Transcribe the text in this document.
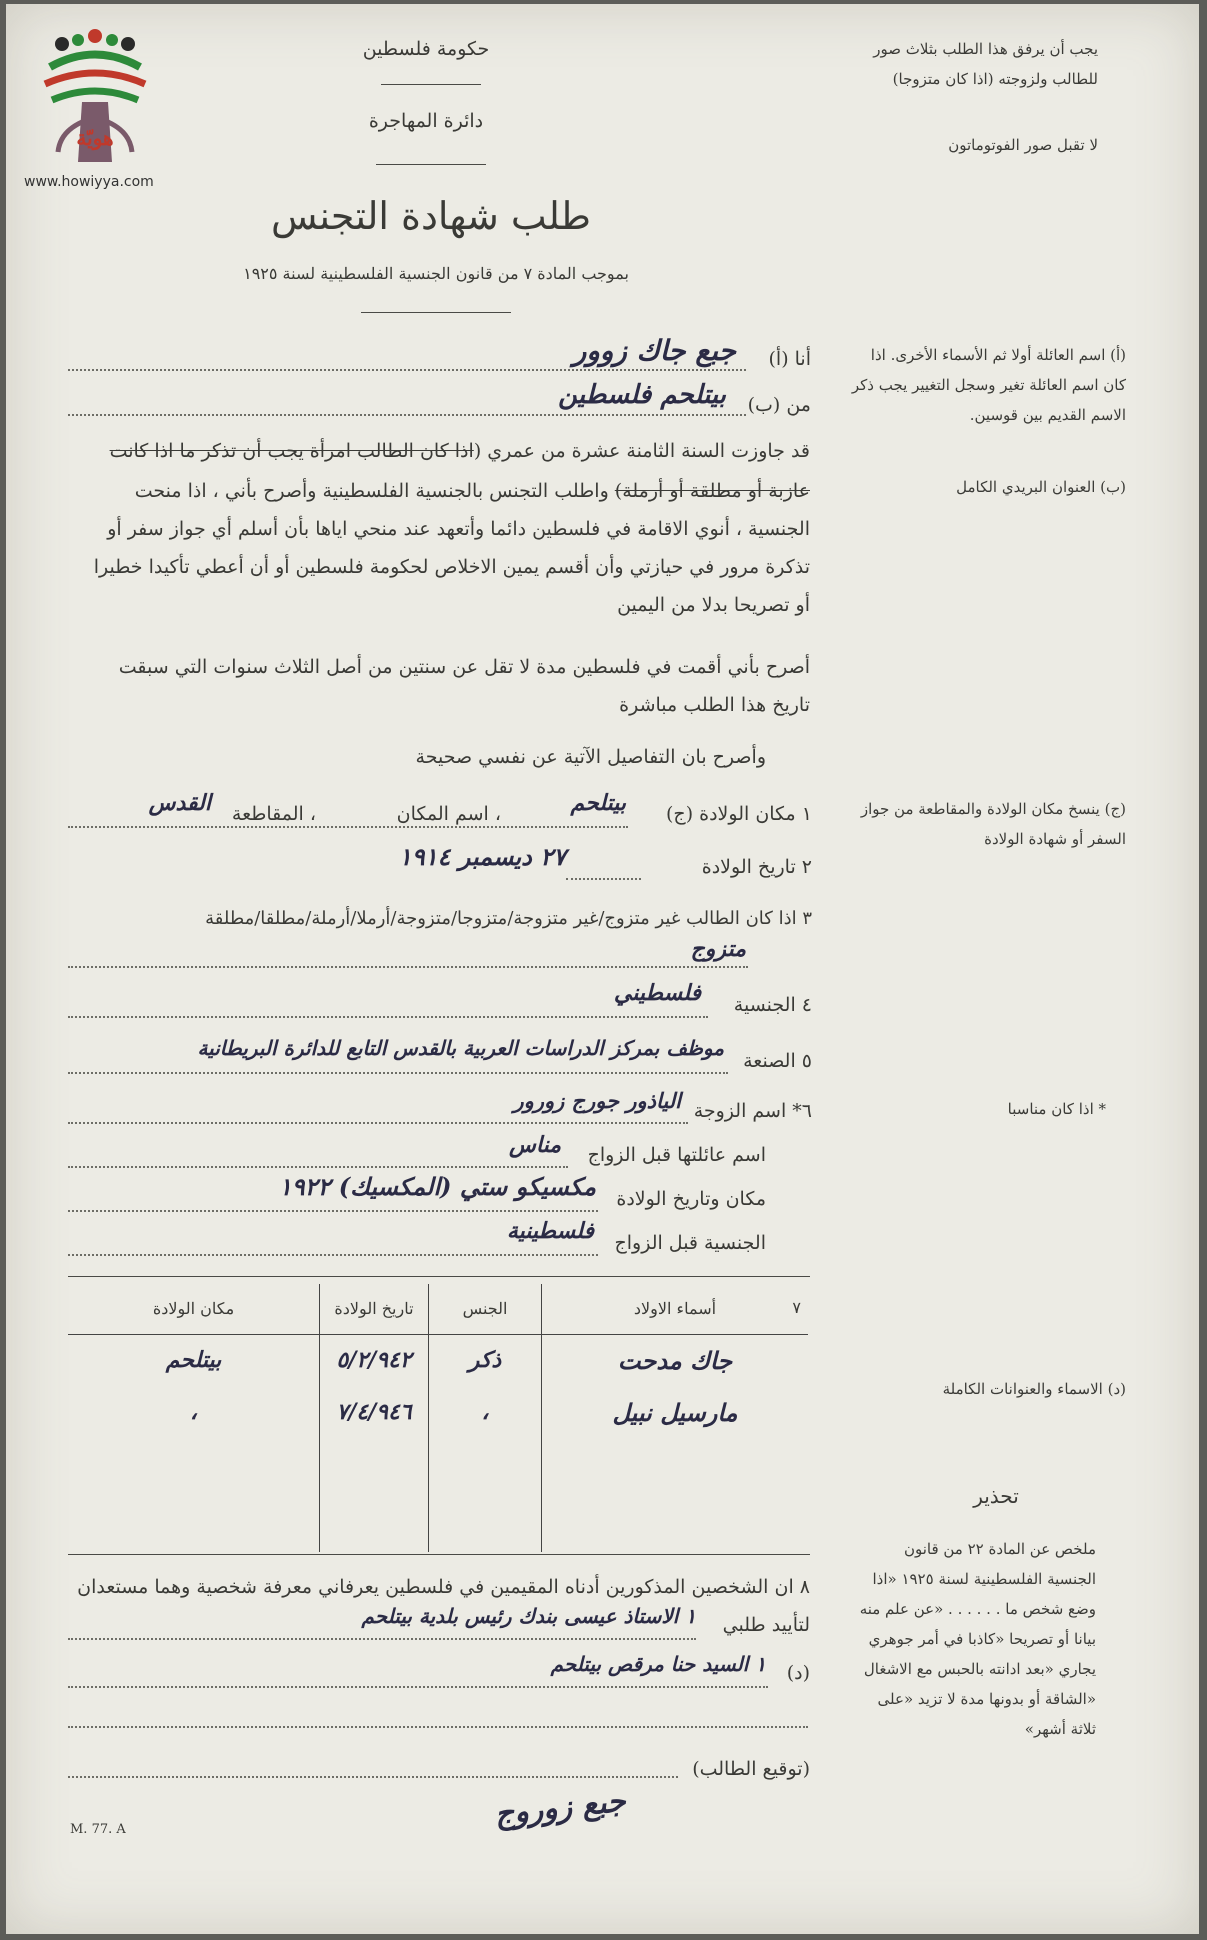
هويّة
www.howiyya.com
حكومة فلسطين
دائرة المهاجرة
طلب شهادة التجنس
بموجب المادة ٧ من قانون الجنسية الفلسطينية لسنة ١٩٢٥
يجب أن يرفق هذا الطلب بثلاث صور للطالب ولزوجته (اذا كان متزوجا)
لا تقبل صور الفوتوماتون
أنا (أ)
جبع جاك زوور
من (ب)
بيتلحم فلسطين
قد جاوزت السنة الثامنة عشرة من عمري (اذا كان الطالب امرأة يجب أن تذكر ما اذا كانت
عازبة أو مطلقة أو أرملة) واطلب التجنس بالجنسية الفلسطينية وأصرح بأني ، اذا منحت
الجنسية ، أنوي الاقامة في فلسطين دائما وأتعهد عند منحي اياها بأن أسلم أي جواز سفر أو
تذكرة مرور في حيازتي وأن أقسم يمين الاخلاص لحكومة فلسطين أو أن أعطي تأكيدا خطيرا
أو تصريحا بدلا من اليمين
أصرح بأني أقمت في فلسطين مدة لا تقل عن سنتين من أصل الثلاث سنوات التي سبقت
تاريخ هذا الطلب مباشرة
وأصرح بان التفاصيل الآتية عن نفسي صحيحة
١ مكان الولادة (ج)
بيتلحم
، اسم المكان
، المقاطعة
القدس
٢ تاريخ الولادة
٢٧ ديسمبر ١٩١٤
٣ اذا كان الطالب غير متزوج/غير متزوجة/متزوجا/متزوجة/أرملا/أرملة/مطلقا/مطلقة
متزوج
٤ الجنسية
فلسطيني
٥ الصنعة
موظف بمركز الدراسات العربية بالقدس التابع للدائرة البريطانية
٦* اسم الزوجة
الياذور جورج زورور
اسم عائلتها قبل الزواج
مناس
مكان وتاريخ الولادة
مكسيكو ستي (المكسيك) ١٩٢٢
الجنسية قبل الزواج
فلسطينية
(أ) اسم العائلة أولا ثم الأسماء الأخرى. اذا كان اسم العائلة تغير وسجل التغيير يجب ذكر الاسم القديم بين قوسين.
(ب) العنوان البريدي الكامل
(ج) ينسخ مكان الولادة والمقاطعة من جواز السفر أو شهادة الولادة
* اذا كان مناسبا
(د) الاسماء والعنوانات الكاملة
تحذير
ملخص عن المادة ٢٢ من قانون الجنسية الفلسطينية لسنة ١٩٢٥ «اذا وضع شخص ما . . . . . . «عن علم منه بيانا أو تصريحا «كاذبا في أمر جوهري يجاري «بعد ادانته بالحبس مع الاشغال «الشاقة أو بدونها مدة لا تزيد «على ثلاثة أشهر»
٧
أسماء الاولاد	الجنس	تاريخ الولادة	مكان الولادة
جاك مدحت	ذكر	٥/٢/٩٤٢	بيتلحم
مارسيل نبيل	،	٧/٤/٩٤٦	،

٨ ان الشخصين المذكورين أدناه المقيمين في فلسطين يعرفاني معرفة شخصية وهما مستعدان
لتأييد طلبي
١ الاستاذ عيسى بندك رئيس بلدية بيتلحم
(د)
١ السيد حنا مرقص بيتلحم
(توقيع الطالب)
جبع زوروج
M. 77. A
